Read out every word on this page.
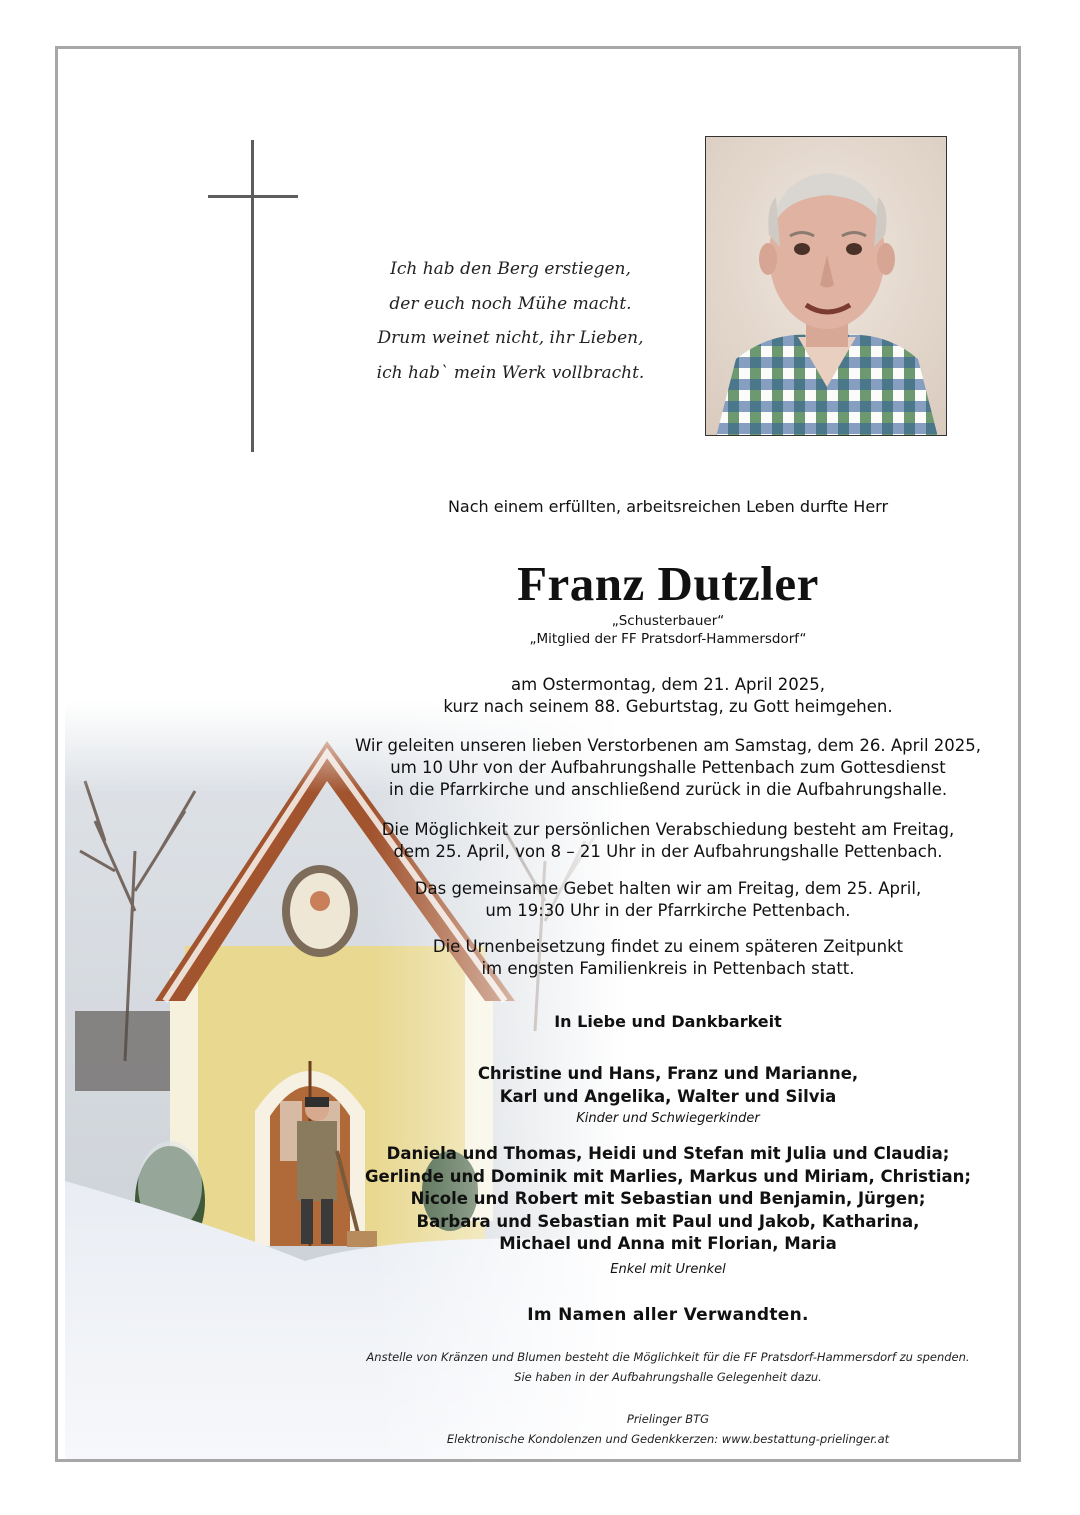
Ich hab den Berg erstiegen,
der euch noch Mühe macht.
Drum weinet nicht, ihr Lieben,
ich hab` mein Werk vollbracht.
Nach einem erfüllten, arbeitsreichen Leben durfte Herr
Franz Dutzler
„Schusterbauer“
„Mitglied der FF Pratsdorf-Hammersdorf“
am Ostermontag, dem 21. April 2025,
kurz nach seinem 88. Geburtstag, zu Gott heimgehen.
Wir geleiten unseren lieben Verstorbenen am Samstag, dem 26. April 2025,
um 10 Uhr von der Aufbahrungshalle Pettenbach zum Gottesdienst
in die Pfarrkirche und anschließend zurück in die Aufbahrungshalle.
Die Möglichkeit zur persönlichen Verabschiedung besteht am Freitag,
dem 25. April, von 8 – 21 Uhr in der Aufbahrungshalle Pettenbach.
Das gemeinsame Gebet halten wir am Freitag, dem 25. April,
um 19:30 Uhr in der Pfarrkirche Pettenbach.
Die Urnenbeisetzung findet zu einem späteren Zeitpunkt
im engsten Familienkreis in Pettenbach statt.
In Liebe und Dankbarkeit
Christine und Hans, Franz und Marianne,
Karl und Angelika, Walter und Silvia
Kinder und Schwiegerkinder
Daniela und Thomas, Heidi und Stefan mit Julia und Claudia;
Gerlinde und Dominik mit Marlies, Markus und Miriam, Christian;
Nicole und Robert mit Sebastian und Benjamin, Jürgen;
Barbara und Sebastian mit Paul und Jakob, Katharina,
Michael und Anna mit Florian, Maria
Enkel mit Urenkel
Im Namen aller Verwandten.
Anstelle von Kränzen und Blumen besteht die Möglichkeit für die FF Pratsdorf-Hammersdorf zu spenden.
Sie haben in der Aufbahrungshalle Gelegenheit dazu.
Prielinger BTG
Elektronische Kondolenzen und Gedenkkerzen: www.bestattung-prielinger.at
